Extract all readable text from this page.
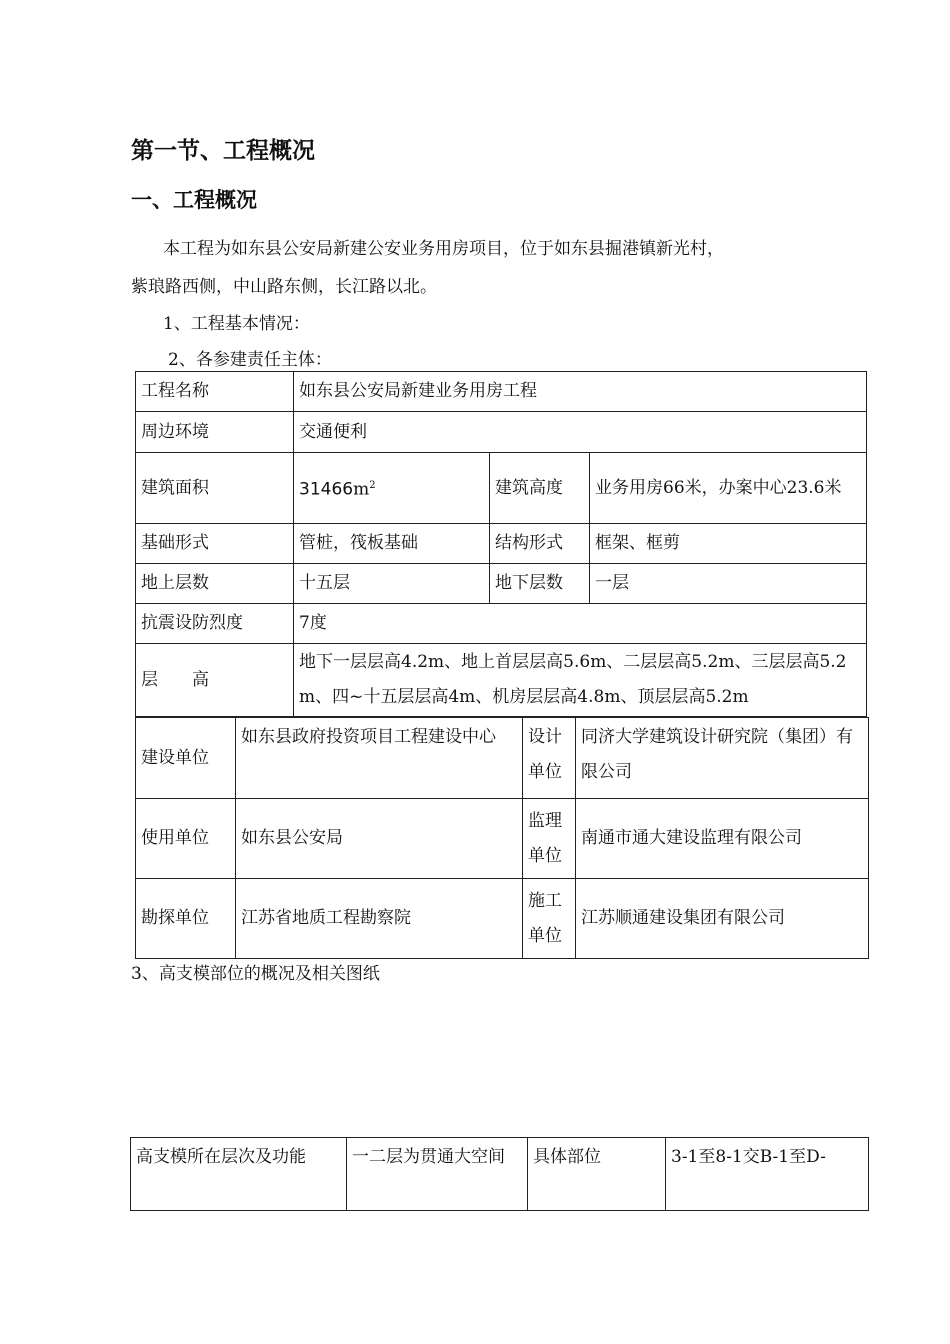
第一节、工程概况
一、工程概况
本工程为如东县公安局新建公安业务用房项目，位于如东县掘港镇新光村，
紫琅路西侧，中山路东侧，长江路以北。
1、工程基本情况：
2、各参建责任主体：
工程名称	如东县公安局新建业务用房工程		
周边环境	交通便利		
建筑面积	$31466m^2$	建筑高度	业务用房66米，办案中心23.6米
基础形式	管桩，筏板基础	结构形式	框架、框剪
地上层数	十五层	地下层数	一层
抗震设防烈度	7度		
层　　高	地下一层层高4.2m、地上首层层高5.6m、二层层高5.2m、三层层高5.2m、四~十五层层高4m、机房层层高4.8m、顶层层高5.2m		
建设单位	如东县政府投资项目工程建设中心	设计单位	同济大学建筑设计研究院（集团）有限公司
使用单位	如东县公安局	监理单位	南通市通大建设监理有限公司
勘探单位	江苏省地质工程勘察院	施工单位	江苏顺通建设集团有限公司
3、高支模部位的概况及相关图纸
高支模所在层次及功能	一二层为贯通大空间	具体部位	3-1至8-1交B-1至D-
